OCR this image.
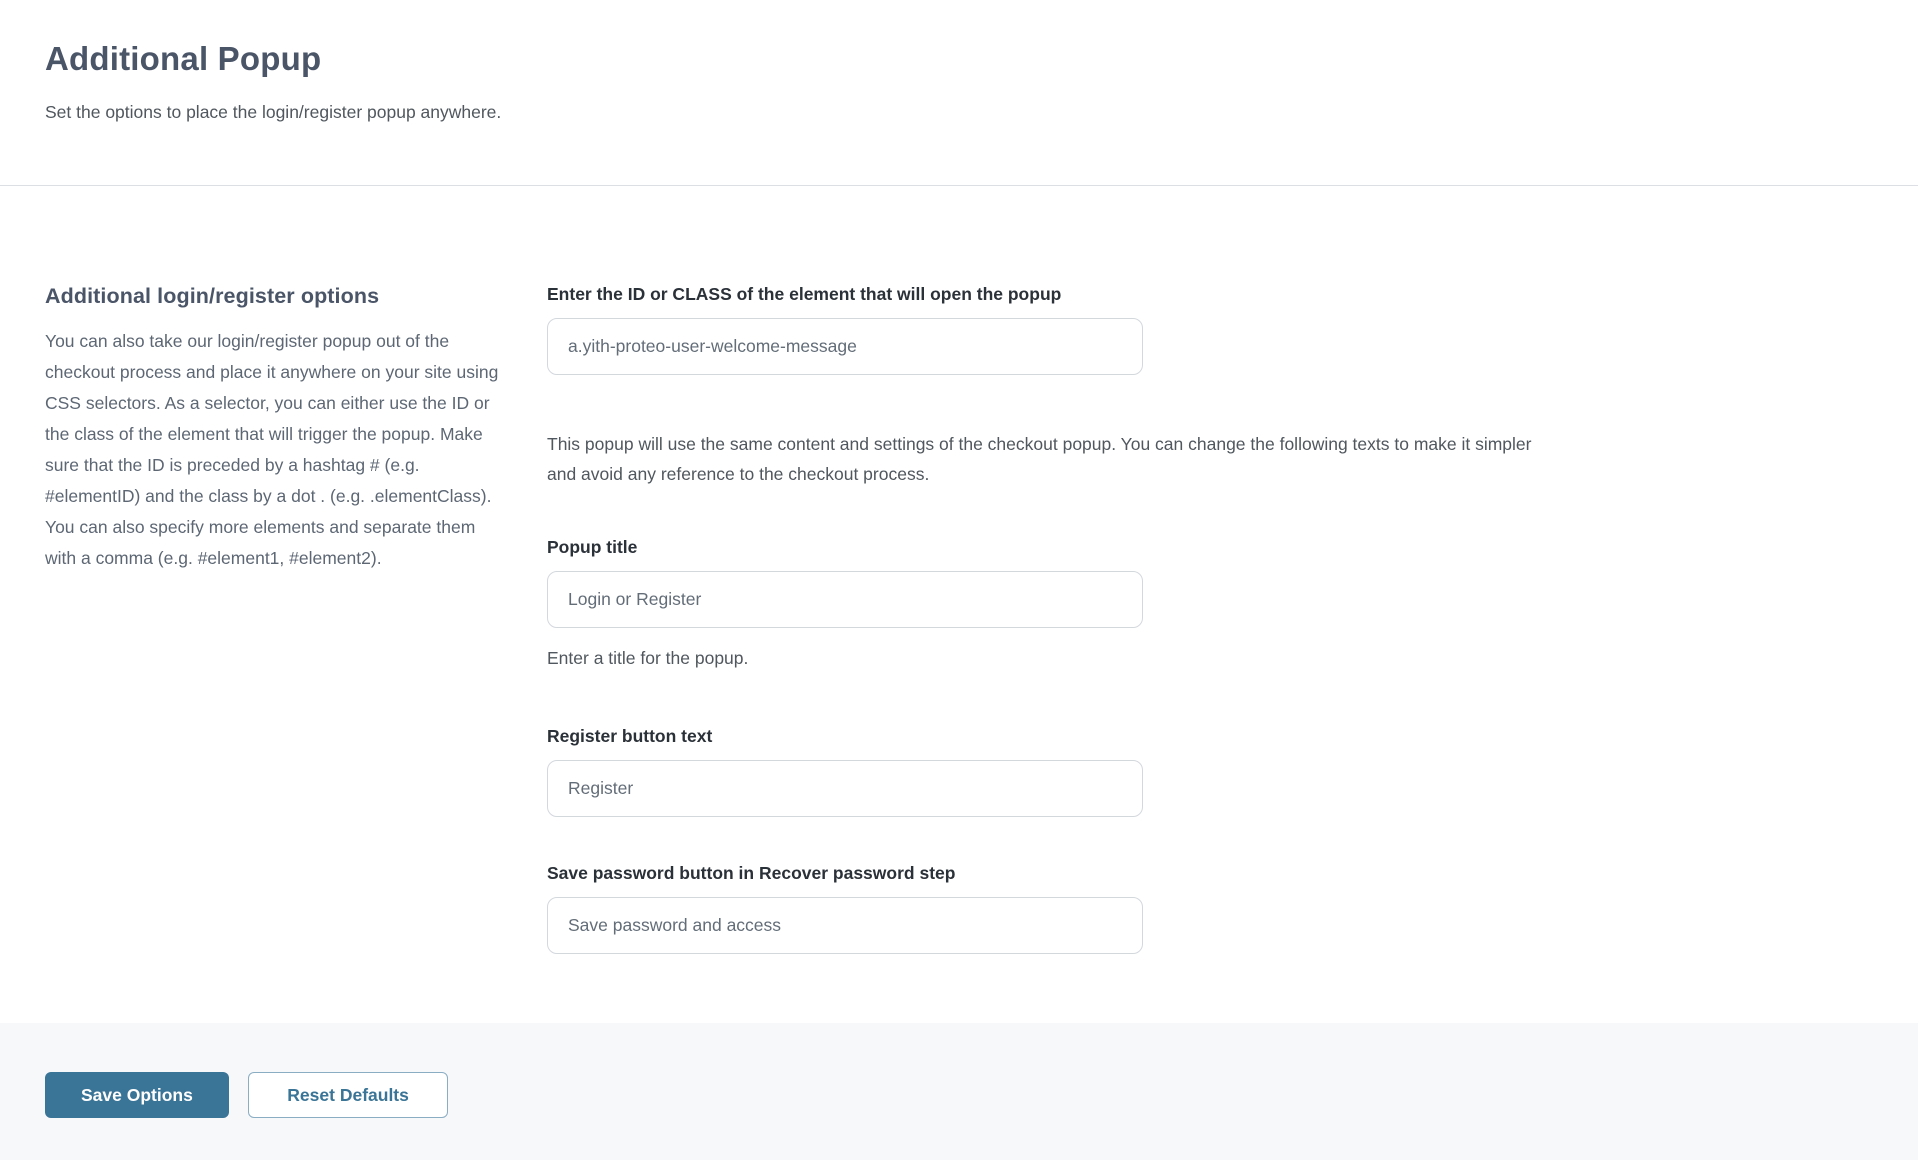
Additional Popup

Set the options to place the login/register popup anywhere.

Additional login/register options

You can also take our login/register popup out of the checkout process and place it anywhere on your site using CSS selectors. As a selector, you can either use the ID or the class of the element that will trigger the popup. Make sure that the ID is preceded by a hashtag # (e.g. #elementID) and the class by a dot . (e.g. .elementClass). You can also specify more elements and separate them with a comma (e.g. #element1, #element2).

Enter the ID or CLASS of the element that will open the popup
a.yith-proteo-user-welcome-message

This popup will use the same content and settings of the checkout popup. You can change the following texts to make it simpler and avoid any reference to the checkout process.

Popup title
Login or Register

Enter a title for the popup.

Register button text
Register
Save password button in Recover password step
Save password and access
Save Options	Reset Defaults
